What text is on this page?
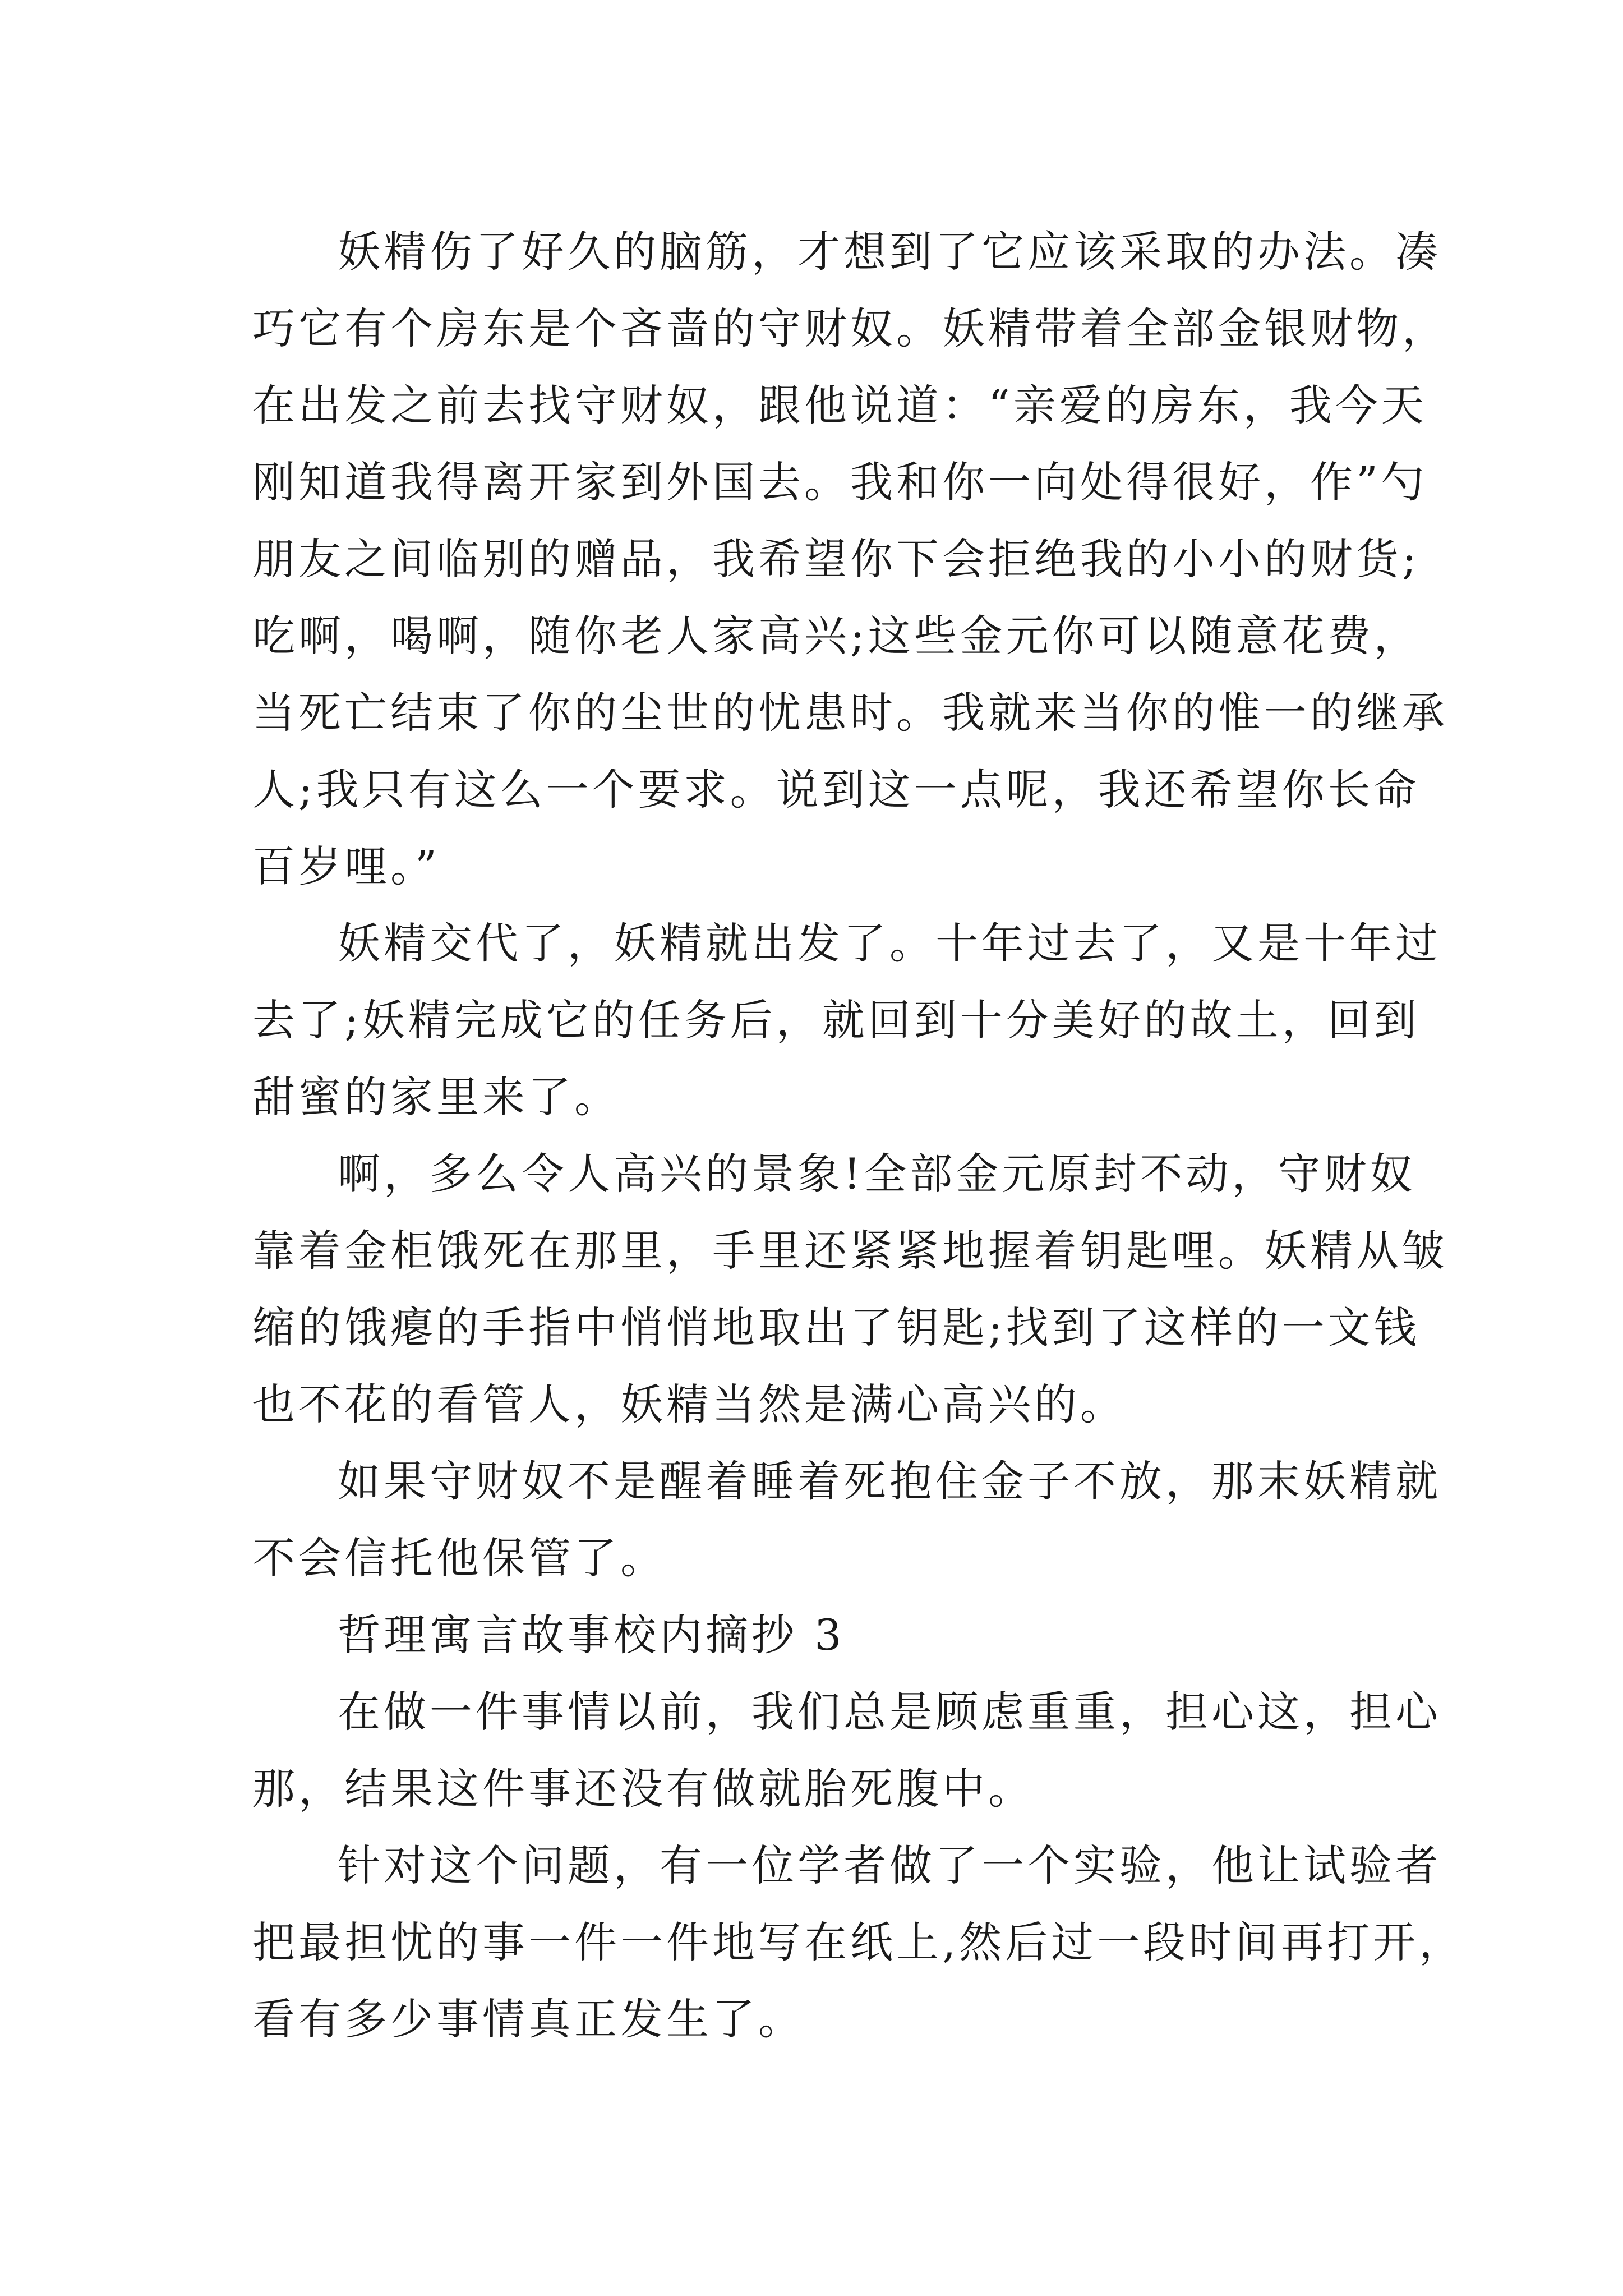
妖精伤了好久的脑筋，才想到了它应该采取的办法。凑
巧它有个房东是个吝啬的守财奴。妖精带着全部金银财物，
在出发之前去找守财奴，跟他说道：“亲爱的房东，我今天
刚知道我得离开家到外国去。我和你一向处得很好，作”勺
朋友之间临别的赠品，我希望你下会拒绝我的小小的财货;
吃啊，喝啊，随你老人家高兴;这些金元你可以随意花费，
当死亡结束了你的尘世的忧患时。我就来当你的惟一的继承
人;我只有这么一个要求。说到这一点呢，我还希望你长命
百岁哩。”
妖精交代了，妖精就出发了。十年过去了，又是十年过
去了;妖精完成它的任务后，就回到十分美好的故土，回到
甜蜜的家里来了。
啊，多么令人高兴的景象!全部金元原封不动，守财奴
靠着金柜饿死在那里，手里还紧紧地握着钥匙哩。妖精从皱
缩的饿瘪的手指中悄悄地取出了钥匙;找到了这样的一文钱
也不花的看管人，妖精当然是满心高兴的。
如果守财奴不是醒着睡着死抱住金子不放，那末妖精就
不会信托他保管了。
哲理寓言故事校内摘抄 3
在做一件事情以前，我们总是顾虑重重，担心这，担心
那，结果这件事还没有做就胎死腹中。
针对这个问题，有一位学者做了一个实验，他让试验者
把最担忧的事一件一件地写在纸上,然后过一段时间再打开，
看有多少事情真正发生了。
